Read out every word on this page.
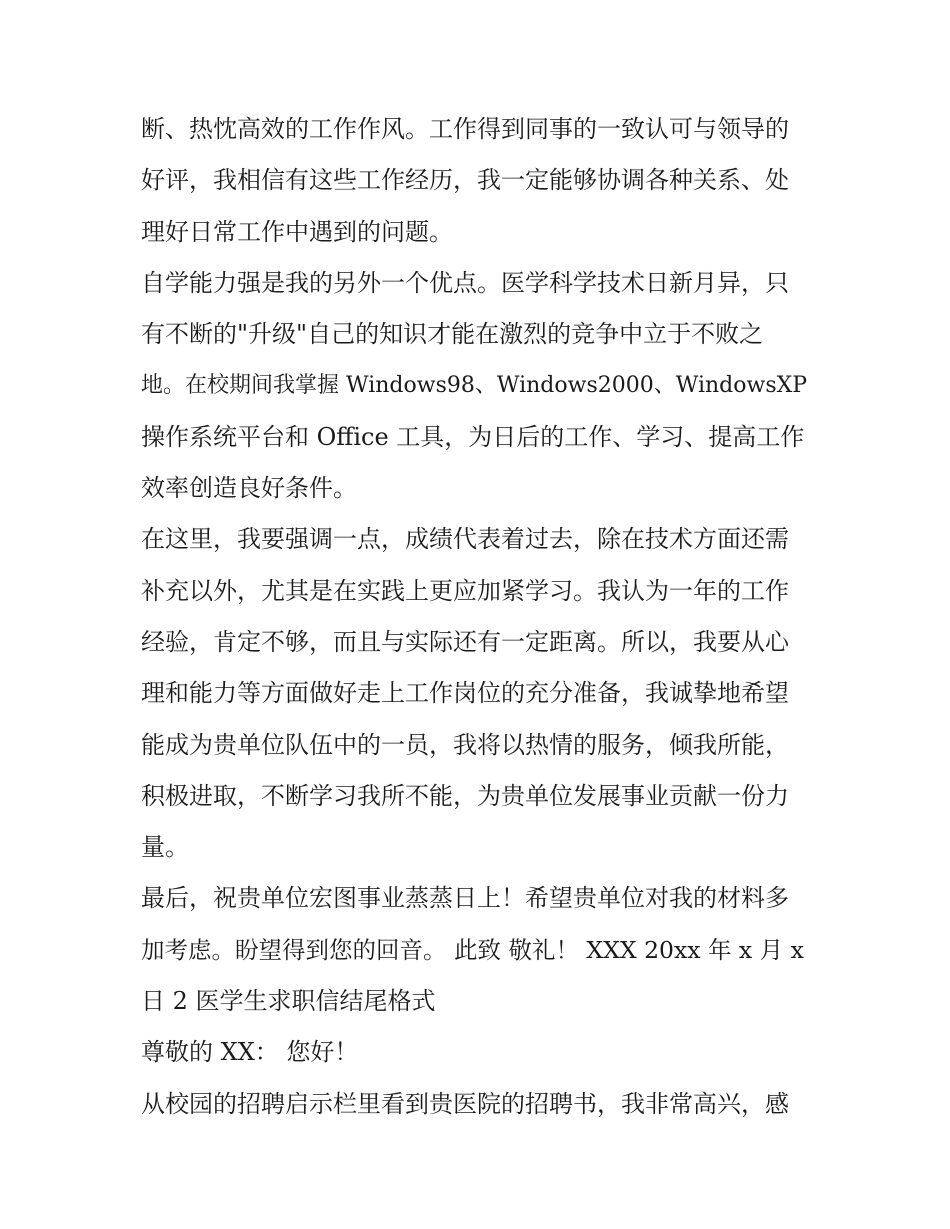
断、热忱高效的工作作风。工作得到同事的一致认可与领导的
好评，我相信有这些工作经历，我一定能够协调各种关系、处
理好日常工作中遇到的问题。
自学能力强是我的另外一个优点。医学科学技术日新月异，只
有不断的"升级"自己的知识才能在激烈的竞争中立于不败之
地。在校期间我掌握 Windows98、Windows2000、WindowsXP
操作系统平台和 Office 工具，为日后的工作、学习、提高工作
效率创造良好条件。
在这里，我要强调一点，成绩代表着过去，除在技术方面还需
补充以外，尤其是在实践上更应加紧学习。我认为一年的工作
经验，肯定不够，而且与实际还有一定距离。所以，我要从心
理和能力等方面做好走上工作岗位的充分准备，我诚挚地希望
能成为贵单位队伍中的一员，我将以热情的服务，倾我所能，
积极进取，不断学习我所不能，为贵单位发展事业贡献一份力
量。
最后，祝贵单位宏图事业蒸蒸日上！希望贵单位对我的材料多
加考虑。盼望得到您的回音。 此致 敬礼！ XXX 20xx 年 x 月 x
日 2 医学生求职信结尾格式
尊敬的 XX： 您好！
从校园的招聘启示栏里看到贵医院的招聘书，我非常高兴，感
